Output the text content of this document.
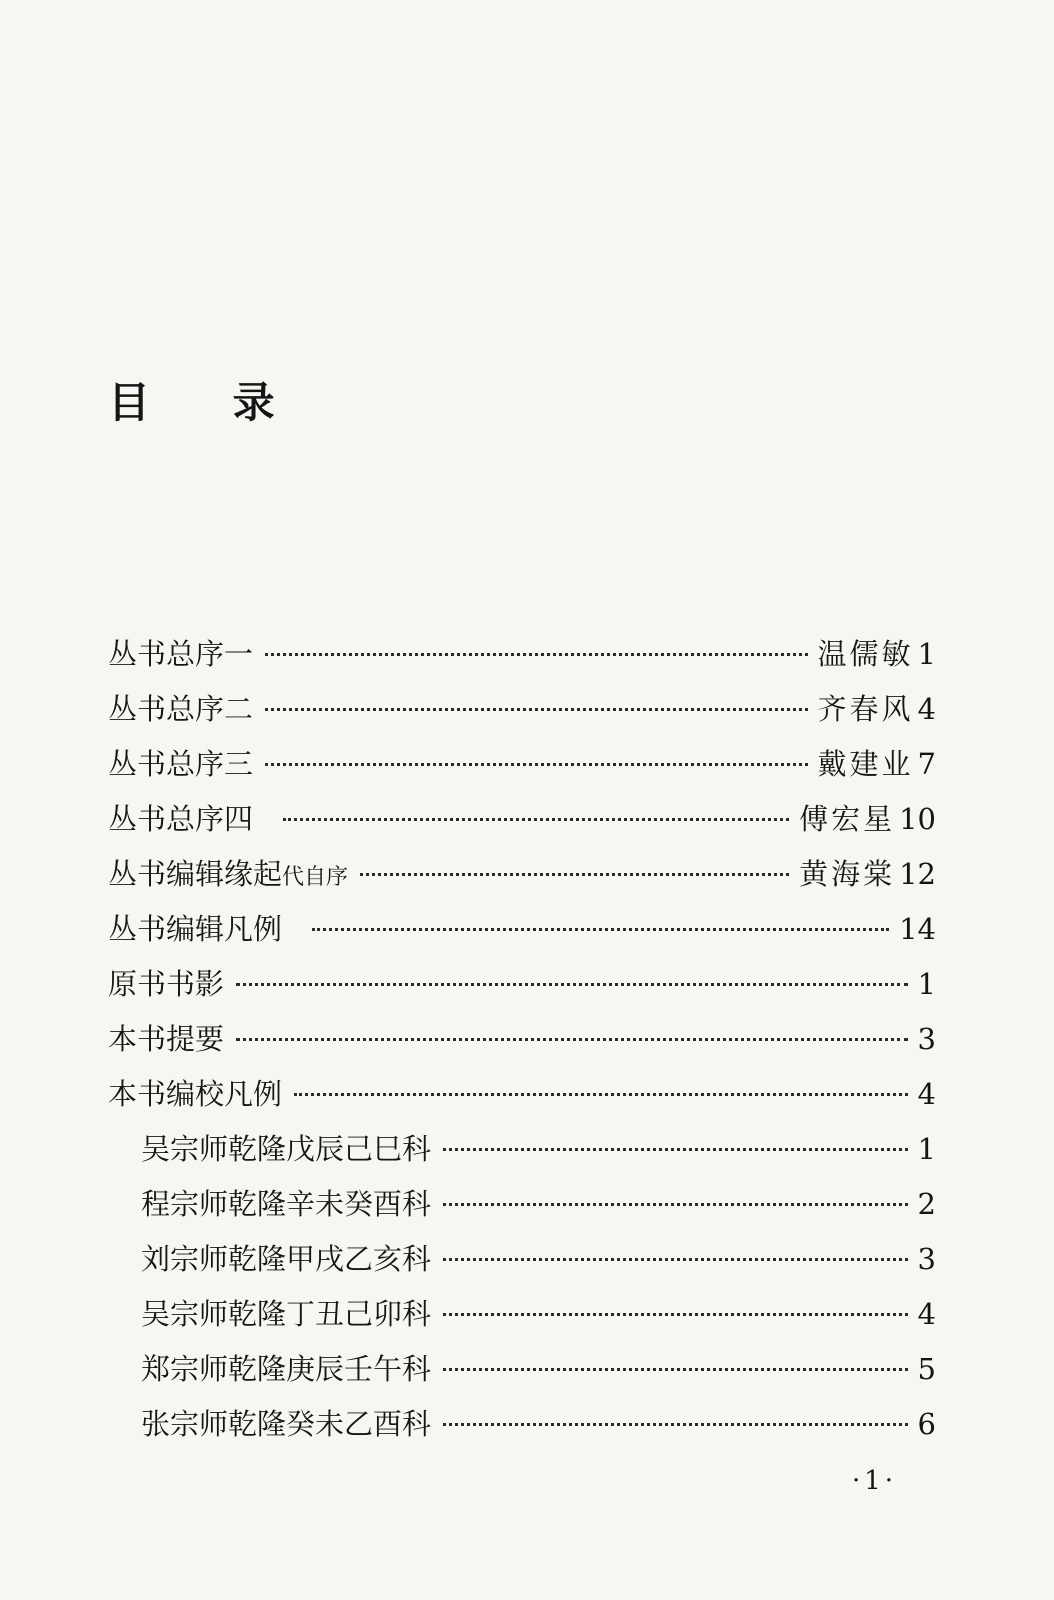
目 录
丛书总序一	温儒敏 1
丛书总序二	齐春风 4
丛书总序三	戴建业 7
丛书总序四	傅宏星 10
丛书编辑缘起 代自序	黄海棠 12
丛书编辑凡例	14
原书书影	1
本书提要	3
本书编校凡例	4
吴宗师乾隆戊辰己巳科	1
程宗师乾隆辛未癸酉科	2
刘宗师乾隆甲戌乙亥科	3
吴宗师乾隆丁丑己卯科	4
郑宗师乾隆庚辰壬午科	5
张宗师乾隆癸未乙酉科	6
·1·
